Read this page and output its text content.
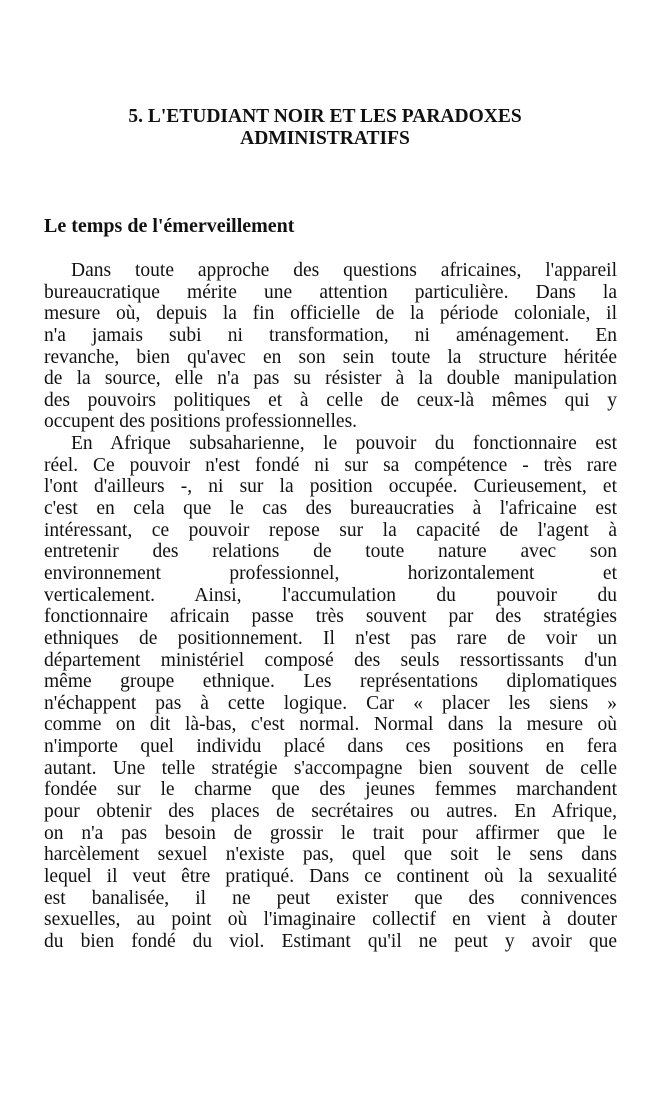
5. L'ETUDIANT NOIR ET LES PARADOXES
ADMINISTRATIFS
Le temps de l'émerveillement
Dans toute approche des questions africaines, l'appareil
bureaucratique mérite une attention particulière. Dans la
mesure où, depuis la fin officielle de la période coloniale, il
n'a jamais subi ni transformation, ni aménagement. En
revanche, bien qu'avec en son sein toute la structure héritée
de la source, elle n'a pas su résister à la double manipulation
des pouvoirs politiques et à celle de ceux-là mêmes qui y
occupent des positions professionnelles.
En Afrique subsaharienne, le pouvoir du fonctionnaire est
réel. Ce pouvoir n'est fondé ni sur sa compétence - très rare
l'ont d'ailleurs -, ni sur la position occupée. Curieusement, et
c'est en cela que le cas des bureaucraties à l'africaine est
intéressant, ce pouvoir repose sur la capacité de l'agent à
entretenir des relations de toute nature avec son
environnement professionnel, horizontalement et
verticalement. Ainsi, l'accumulation du pouvoir du
fonctionnaire africain passe très souvent par des stratégies
ethniques de positionnement. Il n'est pas rare de voir un
département ministériel composé des seuls ressortissants d'un
même groupe ethnique. Les représentations diplomatiques
n'échappent pas à cette logique. Car « placer les siens »
comme on dit là-bas, c'est normal. Normal dans la mesure où
n'importe quel individu placé dans ces positions en fera
autant. Une telle stratégie s'accompagne bien souvent de celle
fondée sur le charme que des jeunes femmes marchandent
pour obtenir des places de secrétaires ou autres. En Afrique,
on n'a pas besoin de grossir le trait pour affirmer que le
harcèlement sexuel n'existe pas, quel que soit le sens dans
lequel il veut être pratiqué. Dans ce continent où la sexualité
est banalisée, il ne peut exister que des connivences
sexuelles, au point où l'imaginaire collectif en vient à douter
du bien fondé du viol. Estimant qu'il ne peut y avoir que
